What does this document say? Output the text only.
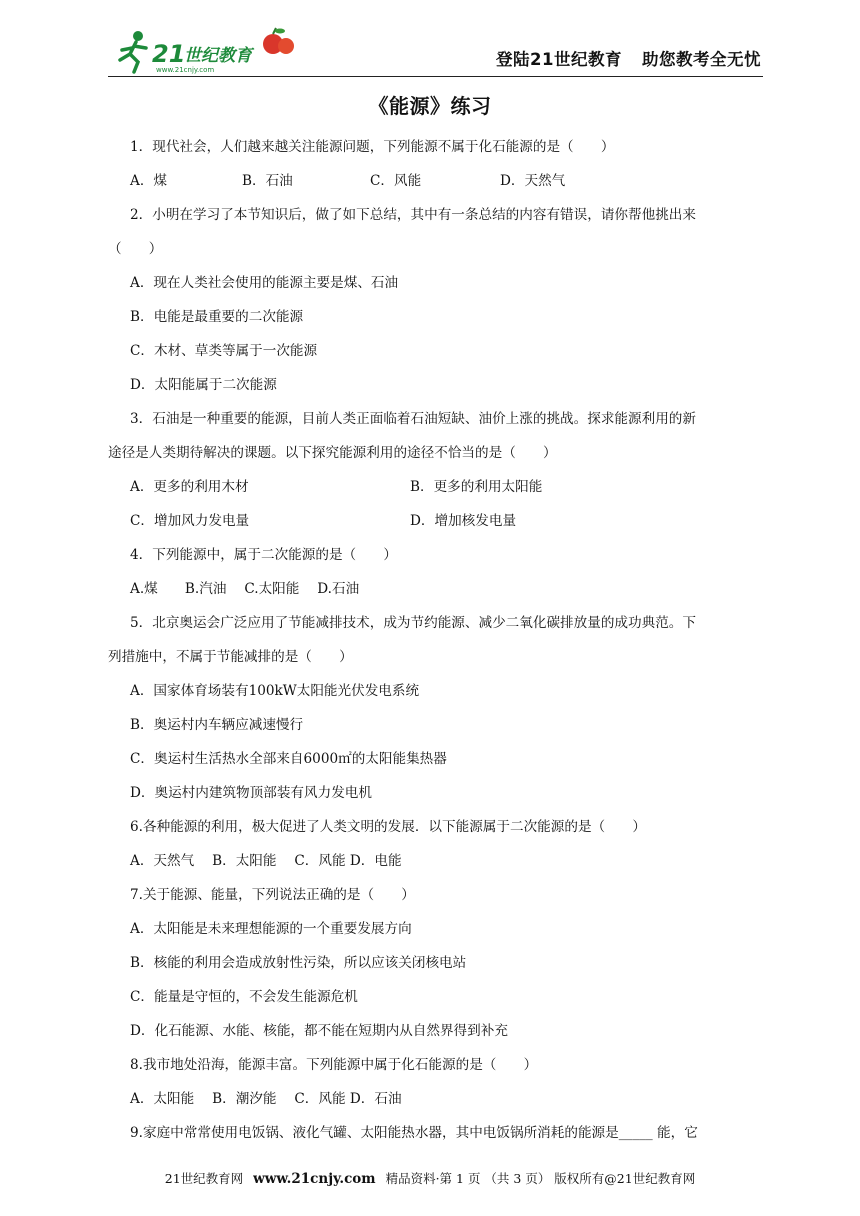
21
世纪教育
www.21cnjy.com
登陆21世纪教育 助您教考全无忧
《能源》练习
1．现代社会，人们越来越关注能源问题，下列能源不属于化石能源的是（　　）
A．煤	B．石油	C．风能	D．天然气
2．小明在学习了本节知识后，做了如下总结，其中有一条总结的内容有错误，请你帮他挑出来
（　　）
A．现在人类社会使用的能源主要是煤、石油
B．电能是最重要的二次能源
C．木材、草类等属于一次能源
D．太阳能属于二次能源
3．石油是一种重要的能源，目前人类正面临着石油短缺、油价上涨的挑战。探求能源利用的新
途径是人类期待解决的课题。以下探究能源利用的途径不恰当的是（　　）
A．更多的利用木材	B．更多的利用太阳能
C．增加风力发电量	D．增加核发电量
4．下列能源中，属于二次能源的是（　　）
A.煤　　B.汽油　 C.太阳能　 D.石油
5．北京奥运会广泛应用了节能减排技术，成为节约能源、减少二氧化碳排放量的成功典范。下
列措施中，不属于节能减排的是（　　）
A．国家体育场装有100kW太阳能光伏发电系统
B．奥运村内车辆应减速慢行
C．奥运村生活热水全部来自6000㎡的太阳能集热器
D．奥运村内建筑物顶部装有风力发电机
6.各种能源的利用，极大促进了人类文明的发展．以下能源属于二次能源的是（　　）
A．天然气　 B．太阳能　 C．风能 D．电能
7.关于能源、能量，下列说法正确的是（　　）
A．太阳能是未来理想能源的一个重要发展方向
B．核能的利用会造成放射性污染，所以应该关闭核电站
C．能量是守恒的，不会发生能源危机
D．化石能源、水能、核能，都不能在短期内从自然界得到补充
8.我市地处沿海，能源丰富。下列能源中属于化石能源的是（　　）
A．太阳能　 B．潮汐能　 C．风能 D．石油
9.家庭中常常使用电饭锅、液化气罐、太阳能热水器，其中电饭锅所消耗的能源是_____ 能，它
21世纪教育网 www.21cnjy.com 精品资料·第 1 页 （共 3 页） 版权所有@21世纪教育网
